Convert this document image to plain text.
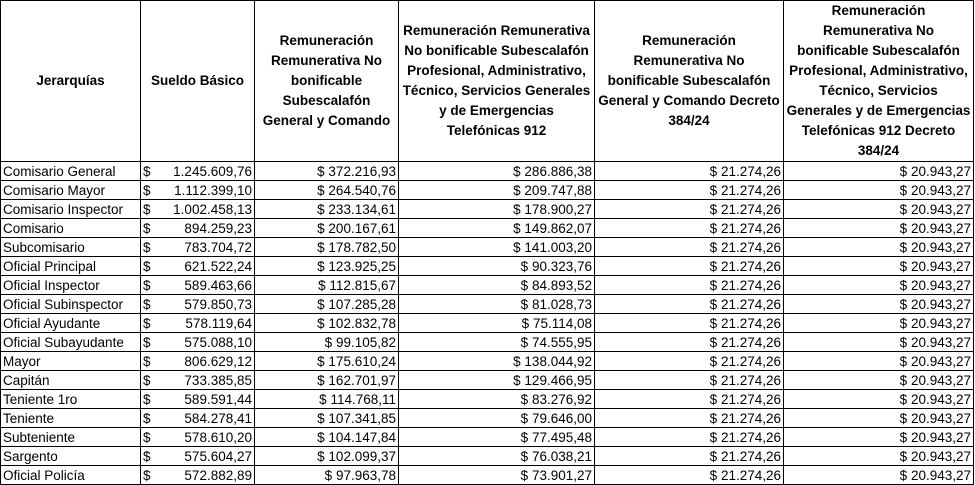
Jerarquías	Sueldo Básico	Remuneración Remunerativa No bonificable Subescalafón General y Comando	Remuneración Remunerativa No bonificable Subescalafón Profesional, Administrativo, Técnico, Servicios Generales y de Emergencias Telefónicas 912	Remuneración Remunerativa No bonificable Subescalafón General y Comando Decreto 384/24	Remuneración Remunerativa No bonificable Subescalafón Profesional, Administrativo, Técnico, Servicios Generales y de Emergencias Telefónicas 912 Decreto 384/24
Comisario General	$ 1.245.609,76	$ 372.216,93	$ 286.886,38	$ 21.274,26	$ 20.943,27
Comisario Mayor	$ 1.112.399,10	$ 264.540,76	$ 209.747,88	$ 21.274,26	$ 20.943,27
Comisario Inspector	$ 1.002.458,13	$ 233.134,61	$ 178.900,27	$ 21.274,26	$ 20.943,27
Comisario	$ 894.259,23	$ 200.167,61	$ 149.862,07	$ 21.274,26	$ 20.943,27
Subcomisario	$ 783.704,72	$ 178.782,50	$ 141.003,20	$ 21.274,26	$ 20.943,27
Oficial Principal	$ 621.522,24	$ 123.925,25	$ 90.323,76	$ 21.274,26	$ 20.943,27
Oficial Inspector	$ 589.463,66	$ 112.815,67	$ 84.893,52	$ 21.274,26	$ 20.943,27
Oficial Subinspector	$ 579.850,73	$ 107.285,28	$ 81.028,73	$ 21.274,26	$ 20.943,27
Oficial Ayudante	$ 578.119,64	$ 102.832,78	$ 75.114,08	$ 21.274,26	$ 20.943,27
Oficial Subayudante	$ 575.088,10	$ 99.105,82	$ 74.555,95	$ 21.274,26	$ 20.943,27
Mayor	$ 806.629,12	$ 175.610,24	$ 138.044,92	$ 21.274,26	$ 20.943,27
Capitán	$ 733.385,85	$ 162.701,97	$ 129.466,95	$ 21.274,26	$ 20.943,27
Teniente 1ro	$ 589.591,44	$ 114.768,11	$ 83.276,92	$ 21.274,26	$ 20.943,27
Teniente	$ 584.278,41	$ 107.341,85	$ 79.646,00	$ 21.274,26	$ 20.943,27
Subteniente	$ 578.610,20	$ 104.147,84	$ 77.495,48	$ 21.274,26	$ 20.943,27
Sargento	$ 575.604,27	$ 102.099,37	$ 76.038,21	$ 21.274,26	$ 20.943,27
Oficial Policía	$ 572.882,89	$ 97.963,78	$ 73.901,27	$ 21.274,26	$ 20.943,27
